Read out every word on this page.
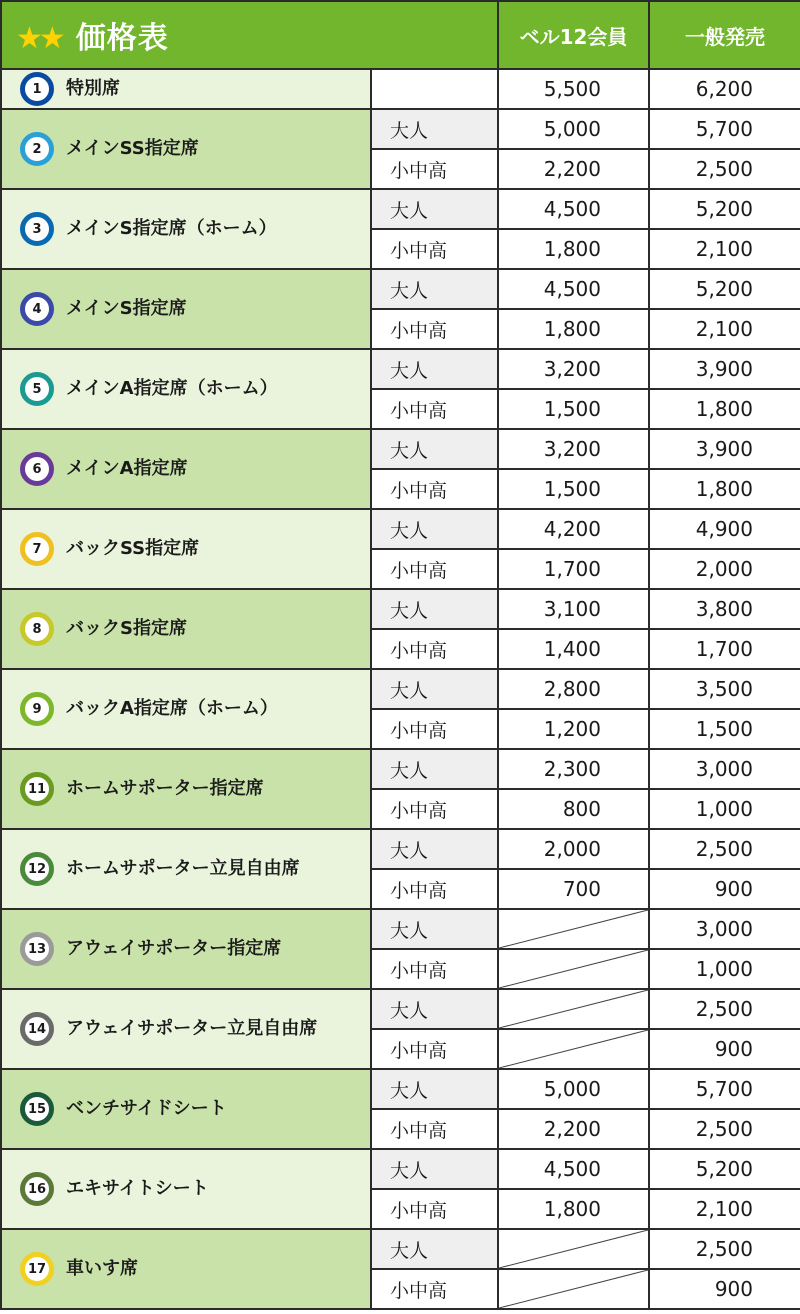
★★ 価格表		ベル12会員	一般発売
1 特別席		5,500	6,200
2 メインSS指定席	大人	5,000	5,700
	小中高	2,200	2,500
3 メインS指定席（ホーム）	大人	4,500	5,200
	小中高	1,800	2,100
4 メインS指定席	大人	4,500	5,200
	小中高	1,800	2,100
5 メインA指定席（ホーム）	大人	3,200	3,900
	小中高	1,500	1,800
6 メインA指定席	大人	3,200	3,900
	小中高	1,500	1,800
7 バックSS指定席	大人	4,200	4,900
	小中高	1,700	2,000
8 バックS指定席	大人	3,100	3,800
	小中高	1,400	1,700
9 バックA指定席（ホーム）	大人	2,800	3,500
	小中高	1,200	1,500
11 ホームサポーター指定席	大人	2,300	3,000
	小中高	800	1,000
12 ホームサポーター立見自由席	大人	2,000	2,500
	小中高	700	900
13 アウェイサポーター指定席	大人		3,000
	小中高		1,000
14 アウェイサポーター立見自由席	大人		2,500
	小中高		900
15 ベンチサイドシート	大人	5,000	5,700
	小中高	2,200	2,500
16 エキサイトシート	大人	4,500	5,200
	小中高	1,800	2,100
17 車いす席	大人		2,500
	小中高		900
